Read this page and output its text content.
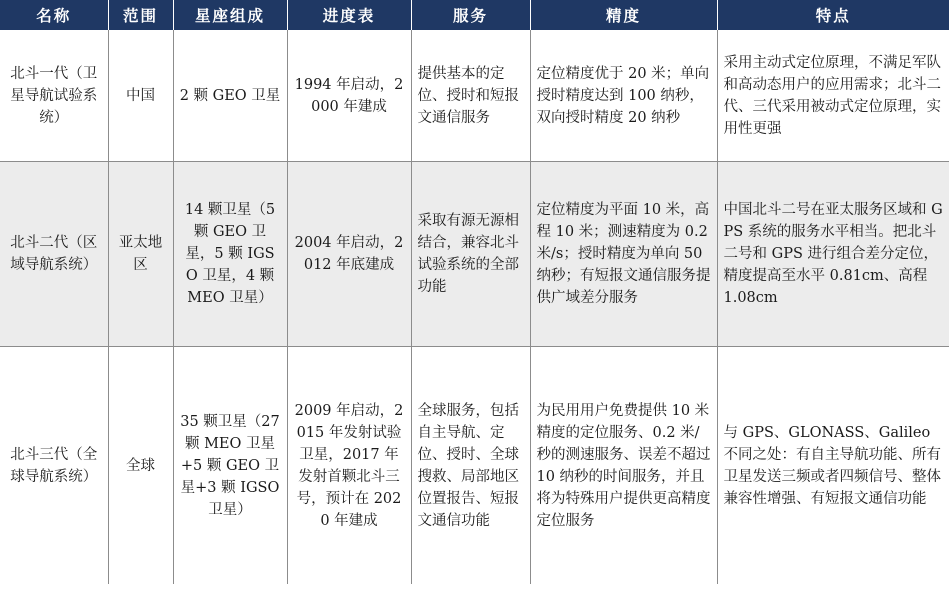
名称	范围	星座组成	进度表	服务	精度	特点
北斗一代（卫星导航试验系统）	中国	2 颗 GEO 卫星	1994 年启动，2000 年建成	提供基本的定位、授时和短报文通信服务	定位精度优于 20 米；单向授时精度达到 100 纳秒，双向授时精度 20 纳秒	采用主动式定位原理，不满足军队和高动态用户的应用需求；北斗二代、三代采用被动式定位原理，实用性更强
北斗二代（区域导航系统）	亚太地区	14 颗卫星（5 颗 GEO 卫星，5 颗 IGSO 卫星，4 颗 MEO 卫星）	2004 年启动，2012 年底建成	采取有源无源相结合，兼容北斗试验系统的全部功能	定位精度为平面 10 米，高程 10 米；测速精度为 0.2 米/s；授时精度为单向 50 纳秒；有短报文通信服务提供广域差分服务	中国北斗二号在亚太服务区域和 GPS 系统的服务水平相当。把北斗二号和 GPS 进行组合差分定位，精度提高至水平 0.81cm、高程 1.08cm
北斗三代（全球导航系统）	全球	35 颗卫星（27 颗 MEO 卫星 +5 颗 GEO 卫星+3 颗 IGSO 卫星）	2009 年启动，2015 年发射试验卫星，2017 年发射首颗北斗三号，预计在 2020 年建成	全球服务，包括自主导航、定位、授时、全球搜救、局部地区位置报告、短报文通信功能	为民用用户免费提供 10 米精度的定位服务、0.2 米/秒的测速服务、误差不超过 10 纳秒的时间服务，并且将为特殊用户提供更高精度定位服务	与 GPS、GLONASS、Galileo 不同之处：有自主导航功能、所有卫星发送三频或者四频信号、整体兼容性增强、有短报文通信功能
